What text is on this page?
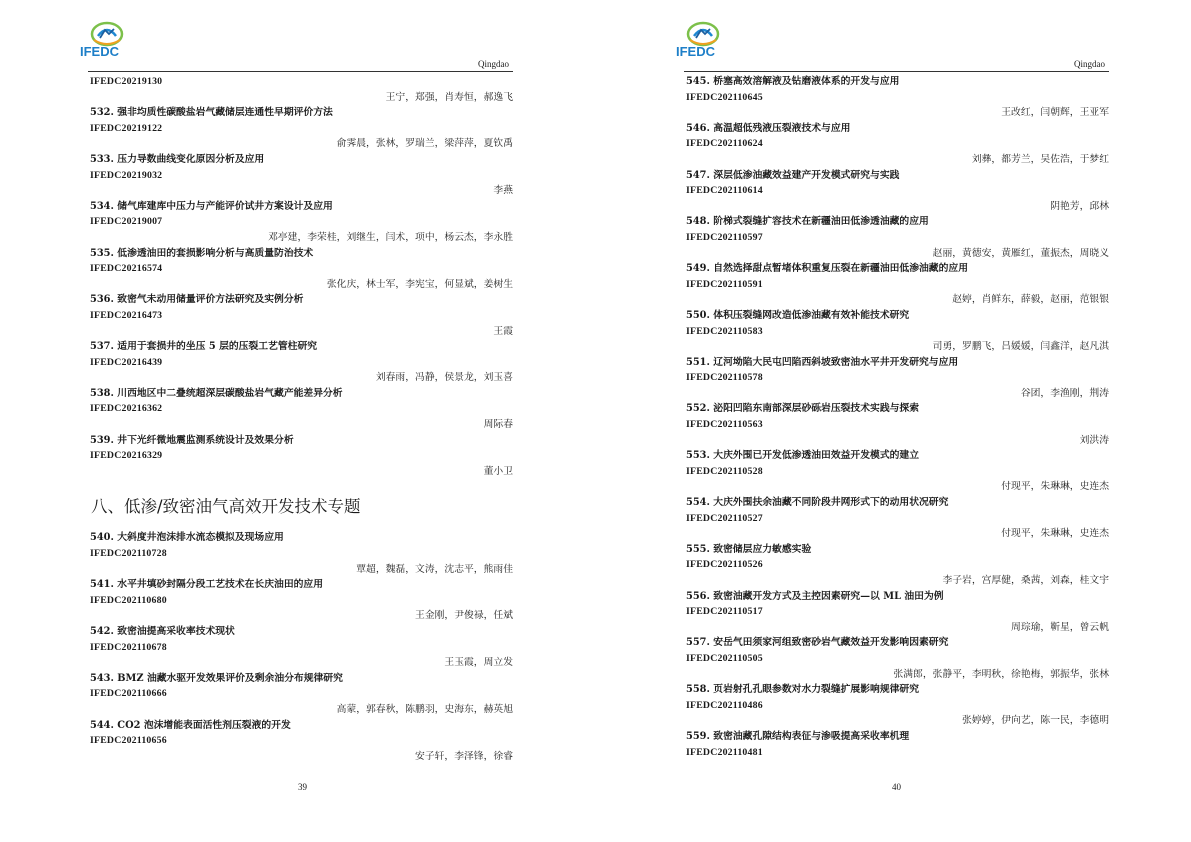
IFEDC
Qingdao
IFEDC20219130
王宁，郑强，肖寿恒，郝逸飞
532. 强非均质性碳酸盐岩气藏储层连通性早期评价方法
IFEDC20219122
俞霁晨，张林，罗瑞兰，梁萍萍，夏钦禹
533. 压力导数曲线变化原因分析及应用
IFEDC20219032
李燕
534. 储气库建库中压力与产能评价试井方案设计及应用
IFEDC20219007
邓亭建，李荣桂，刘继生，闫术，项中，杨云杰，李永胜
535. 低渗透油田的套损影响分析与高质量防治技术
IFEDC20216574
张化庆，林士军，李宪宝，何显斌，姜树生
536. 致密气未动用储量评价方法研究及实例分析
IFEDC20216473
王霞
537. 适用于套损井的坐压 5 层的压裂工艺管柱研究
IFEDC20216439
刘春雨，冯静，侯景龙，刘玉喜
538. 川西地区中二叠统超深层碳酸盐岩气藏产能差异分析
IFEDC20216362
周际春
539. 井下光纤微地震监测系统设计及效果分析
IFEDC20216329
董小卫
八、低渗/致密油气高效开发技术专题
540. 大斜度井泡沫排水流态模拟及现场应用
IFEDC202110728
覃超，魏磊，文涛，沈志平，熊雨佳
541. 水平井填砂封隔分段工艺技术在长庆油田的应用
IFEDC202110680
王金刚，尹俊禄，任斌
542. 致密油提高采收率技术现状
IFEDC202110678
王玉霞，周立发
543. BMZ 油藏水驱开发效果评价及剩余油分布规律研究
IFEDC202110666
高蒙，郭春秋，陈鹏羽，史海东，赫英旭
544. CO2 泡沫增能表面活性剂压裂液的开发
IFEDC202110656
安子轩，李泽锋，徐睿
39
IFEDC
Qingdao
545. 桥塞高效溶解液及钻磨液体系的开发与应用
IFEDC202110645
王改红，闫朝辉，王亚军
546. 高温超低残液压裂液技术与应用
IFEDC202110624
刘彝，都芳兰，吴佐浩，于梦红
547. 深层低渗油藏效益建产开发模式研究与实践
IFEDC202110614
阴艳芳，邱林
548. 阶梯式裂缝扩容技术在新疆油田低渗透油藏的应用
IFEDC202110597
赵丽，黄德安，黄雁红，董振杰，周晓义
549. 自然选择甜点暂堵体积重复压裂在新疆油田低渗油藏的应用
IFEDC202110591
赵婷，肖鲜东，薛毅，赵丽，范银银
550. 体积压裂缝网改造低渗油藏有效补能技术研究
IFEDC202110583
司勇，罗鹏飞，吕媛媛，闫鑫洋，赵凡淇
551. 辽河坳陷大民屯凹陷西斜坡致密油水平井开发研究与应用
IFEDC202110578
谷团，李渔刚，荆涛
552. 泌阳凹陷东南部深层砂砾岩压裂技术实践与探索
IFEDC202110563
刘洪涛
553. 大庆外围已开发低渗透油田效益开发模式的建立
IFEDC202110528
付现平，朱琳琳，史连杰
554. 大庆外围扶余油藏不同阶段井网形式下的动用状况研究
IFEDC202110527
付现平，朱琳琳，史连杰
555. 致密储层应力敏感实验
IFEDC202110526
李子岩，宫厚健，桑茜，刘森，桂文宇
556. 致密油藏开发方式及主控因素研究—以 ML 油田为例
IFEDC202110517
周琮瑜，靳星，曾云帆
557. 安岳气田须家河组致密砂岩气藏效益开发影响因素研究
IFEDC202110505
张满郎，张静平，李明秋，徐艳梅，郭振华，张林
558. 页岩射孔孔眼参数对水力裂缝扩展影响规律研究
IFEDC202110486
张婷婷，伊向艺，陈一民，李德明
559. 致密油藏孔隙结构表征与渗吸提高采收率机理
IFEDC202110481
40
